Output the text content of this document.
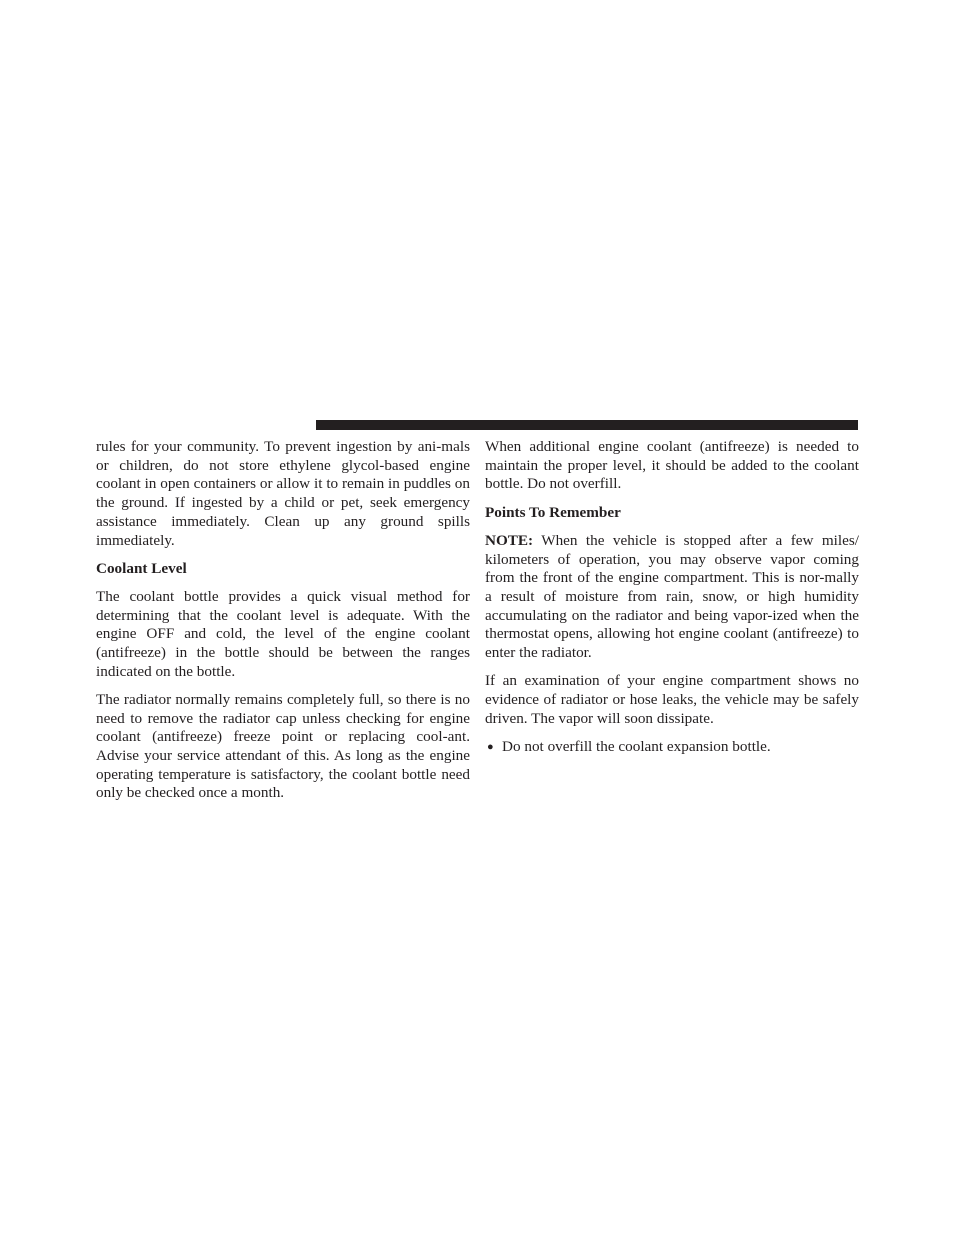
rules for your community. To prevent ingestion by ani-mals or children, do not store ethylene glycol-based engine coolant in open containers or allow it to remain in puddles on the ground. If ingested by a child or pet, seek emergency assistance immediately. Clean up any ground spills immediately.

Coolant Level

The coolant bottle provides a quick visual method for determining that the coolant level is adequate. With the engine OFF and cold, the level of the engine coolant (antifreeze) in the bottle should be between the ranges indicated on the bottle.

The radiator normally remains completely full, so there is no need to remove the radiator cap unless checking for engine coolant (antifreeze) freeze point or replacing cool-ant. Advise your service attendant of this. As long as the engine operating temperature is satisfactory, the coolant bottle need only be checked once a month.

When additional engine coolant (antifreeze) is needed to maintain the proper level, it should be added to the coolant bottle. Do not overfill.

Points To Remember

NOTE: When the vehicle is stopped after a few miles/ kilometers of operation, you may observe vapor coming from the front of the engine compartment. This is nor-mally a result of moisture from rain, snow, or high humidity accumulating on the radiator and being vapor-ized when the thermostat opens, allowing hot engine coolant (antifreeze) to enter the radiator.

If an examination of your engine compartment shows no evidence of radiator or hose leaks, the vehicle may be safely driven. The vapor will soon dissipate.

● Do not overfill the coolant expansion bottle.
